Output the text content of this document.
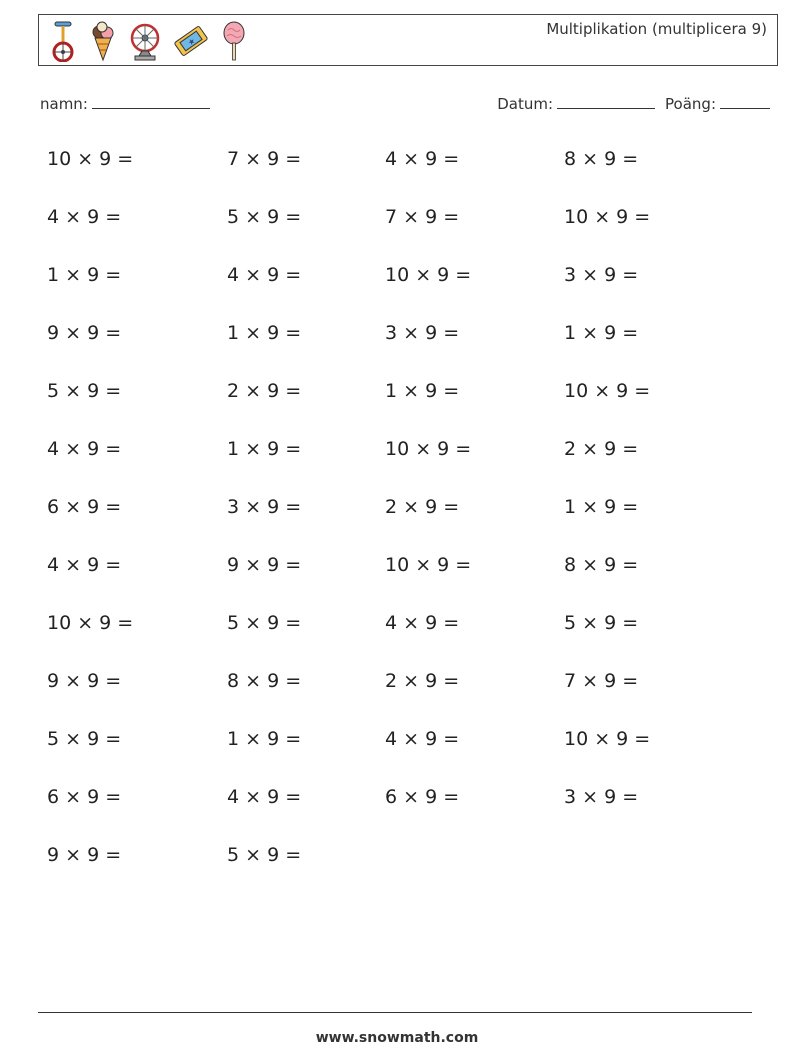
★
Multiplikation (multiplicera 9)
namn:	Datum:	Poäng:
10 × 9 =	7 × 9 =	4 × 9 =	8 × 9 =
4 × 9 =	5 × 9 =	7 × 9 =	10 × 9 =
1 × 9 =	4 × 9 =	10 × 9 =	3 × 9 =
9 × 9 =	1 × 9 =	3 × 9 =	1 × 9 =
5 × 9 =	2 × 9 =	1 × 9 =	10 × 9 =
4 × 9 =	1 × 9 =	10 × 9 =	2 × 9 =
6 × 9 =	3 × 9 =	2 × 9 =	1 × 9 =
4 × 9 =	9 × 9 =	10 × 9 =	8 × 9 =
10 × 9 =	5 × 9 =	4 × 9 =	5 × 9 =
9 × 9 =	8 × 9 =	2 × 9 =	7 × 9 =
5 × 9 =	1 × 9 =	4 × 9 =	10 × 9 =
6 × 9 =	4 × 9 =	6 × 9 =	3 × 9 =
9 × 9 =	5 × 9 =
www.snowmath.com
